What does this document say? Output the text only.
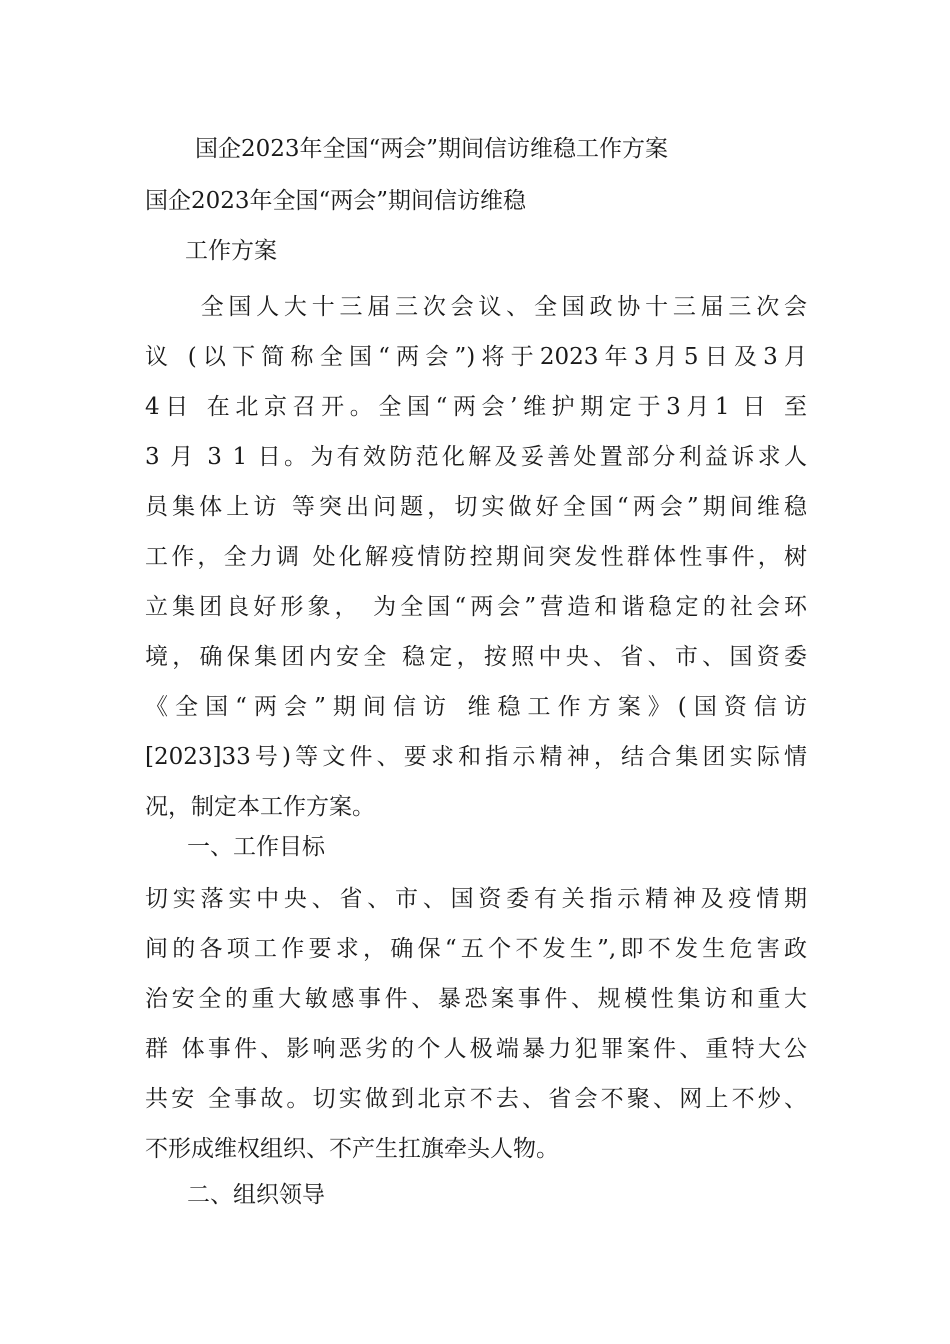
国企2023年全国“两会”期间信访维稳工作方案
国企2023年全国“两会”期间信访维稳
工作方案
　　全国人大十三届三次会议、全国政协十三届三次会
议 (以下简称全国“两会”)将于2023年3月5日及3月
4日 在北京召开。全国“两会’维护期定于3月1 日 至
3 月 3 1 日。为有效防范化解及妥善处置部分利益诉求人
员集体上访 等突出问题，切实做好全国“两会”期间维稳
工作，全力调 处化解疫情防控期间突发性群体性事件，树
立集团良好形象， 为全国“两会”营造和谐稳定的社会环
境，确保集团内安全 稳定，按照中央、省、市、国资委
《全国“两会”期间信访 维稳工作方案》(国资信访
[2023]33号)等文件、要求和指示精神，结合集团实际情
况，制定本工作方案。
一、工作目标
切实落实中央、省、市、国资委有关指示精神及疫情期
间的各项工作要求，确保“五个不发生”,即不发生危害政
治安全的重大敏感事件、暴恐案事件、规模性集访和重大
群 体事件、影响恶劣的个人极端暴力犯罪案件、重特大公
共安 全事故。切实做到北京不去、省会不聚、网上不炒、
不形成维权组织、不产生扛旗牵头人物。
二、组织领导
